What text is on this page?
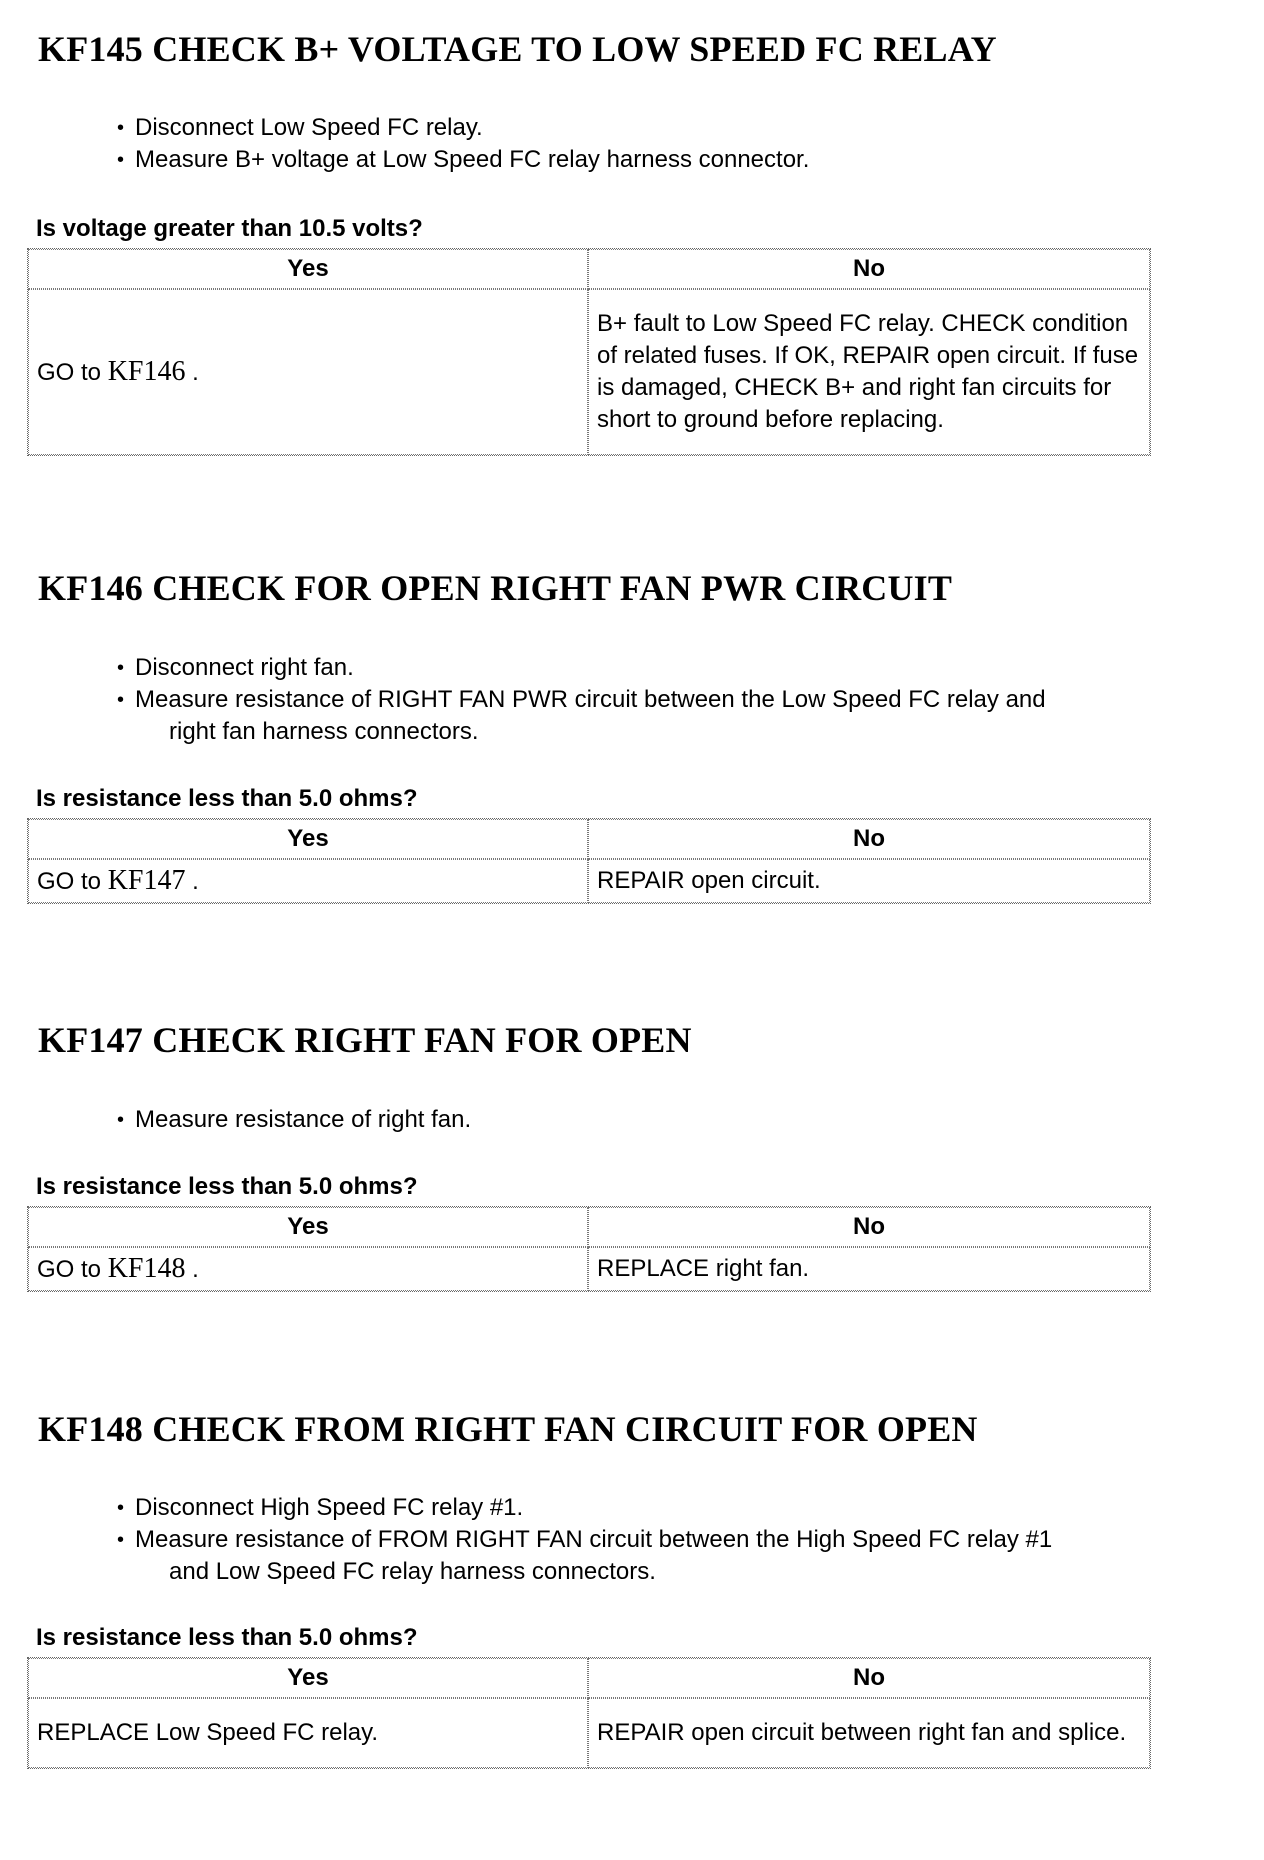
KF145 CHECK B+ VOLTAGE TO LOW SPEED FC RELAY
• Disconnect Low Speed FC relay.
• Measure B+ voltage at Low Speed FC relay harness connector.

Is voltage greater than 10.5 volts?

Yes	No
GO to KF146 .	B+ fault to Low Speed FC relay. CHECK condition of related fuses. If OK, REPAIR open circuit. If fuse is damaged, CHECK B+ and right fan circuits for short to ground before replacing.
KF146 CHECK FOR OPEN RIGHT FAN PWR CIRCUIT
• Disconnect right fan.
• Measure resistance of RIGHT FAN PWR circuit between the Low Speed FC relay and
right fan harness connectors.

Is resistance less than 5.0 ohms?

Yes	No
GO to KF147 .	REPAIR open circuit.
KF147 CHECK RIGHT FAN FOR OPEN
• Measure resistance of right fan.

Is resistance less than 5.0 ohms?

Yes	No
GO to KF148 .	REPLACE right fan.
KF148 CHECK FROM RIGHT FAN CIRCUIT FOR OPEN
• Disconnect High Speed FC relay #1.
• Measure resistance of FROM RIGHT FAN circuit between the High Speed FC relay #1
and Low Speed FC relay harness connectors.

Is resistance less than 5.0 ohms?

Yes	No
REPLACE Low Speed FC relay.	REPAIR open circuit between right fan and splice.
